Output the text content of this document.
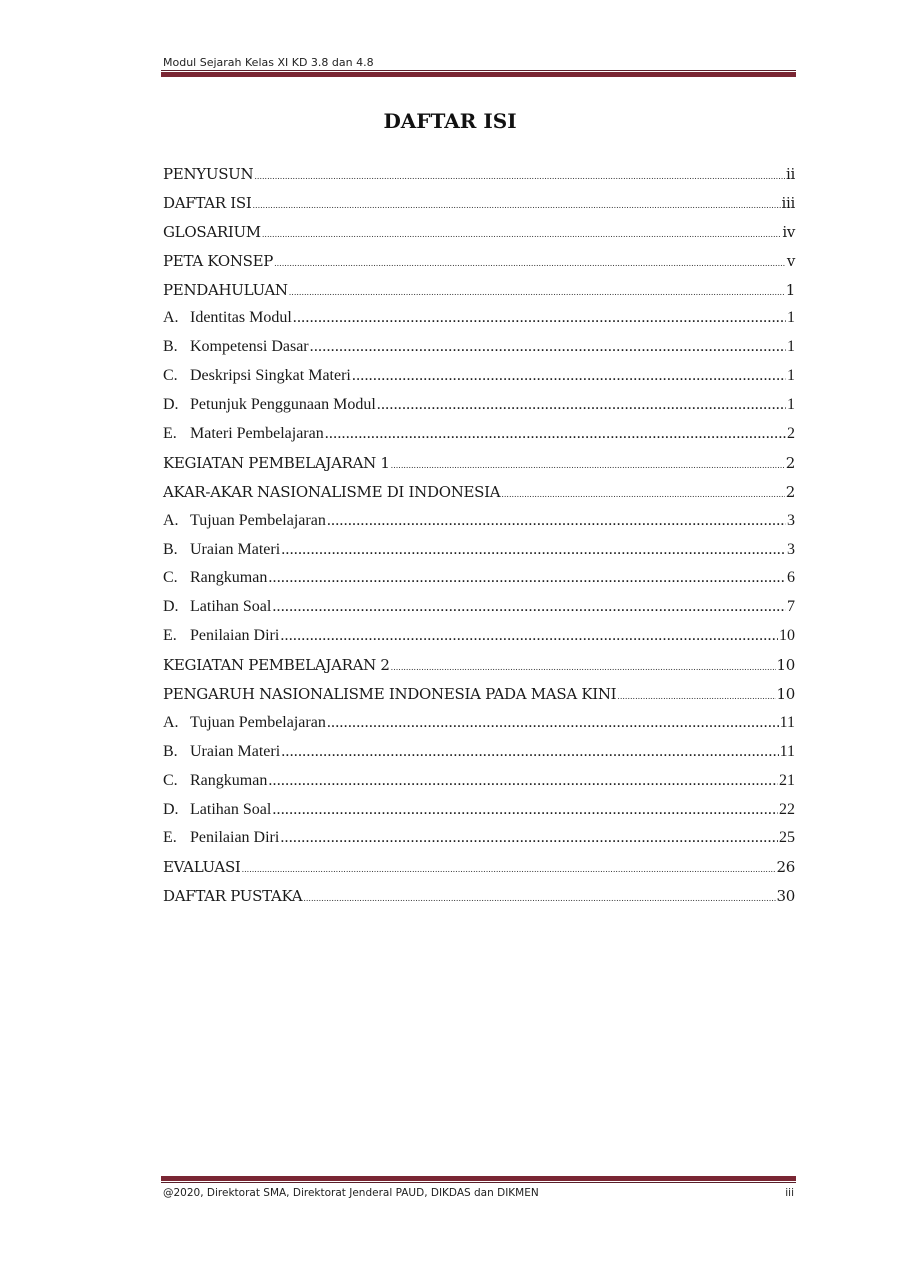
Modul Sejarah Kelas XI KD 3.8 dan 4.8
DAFTAR ISI
PENYUSUN .....	ii
DAFTAR ISI .....	iii
GLOSARIUM .....	iv
PETA KONSEP .....	v
PENDAHULUAN .....	1
A. Identitas Modul .....	1
B. Kompetensi Dasar .....	1
C. Deskripsi Singkat Materi .....	1
D. Petunjuk Penggunaan Modul .....	1
E. Materi Pembelajaran .....	2
KEGIATAN PEMBELAJARAN 1 .....	2
AKAR-AKAR NASIONALISME DI INDONESIA .....	2
A. Tujuan Pembelajaran .....	3
B. Uraian Materi .....	3
C. Rangkuman .....	6
D. Latihan Soal .....	7
E. Penilaian Diri .....	10
KEGIATAN PEMBELAJARAN 2 .....	10
PENGARUH NASIONALISME INDONESIA PADA MASA KINI .....	10
A. Tujuan Pembelajaran .....	11
B. Uraian Materi .....	11
C. Rangkuman .....	21
D. Latihan Soal .....	22
E. Penilaian Diri .....	25
EVALUASI .....	26
DAFTAR PUSTAKA .....	30
@2020, Direktorat SMA, Direktorat Jenderal PAUD, DIKDAS dan DIKMEN	iii
